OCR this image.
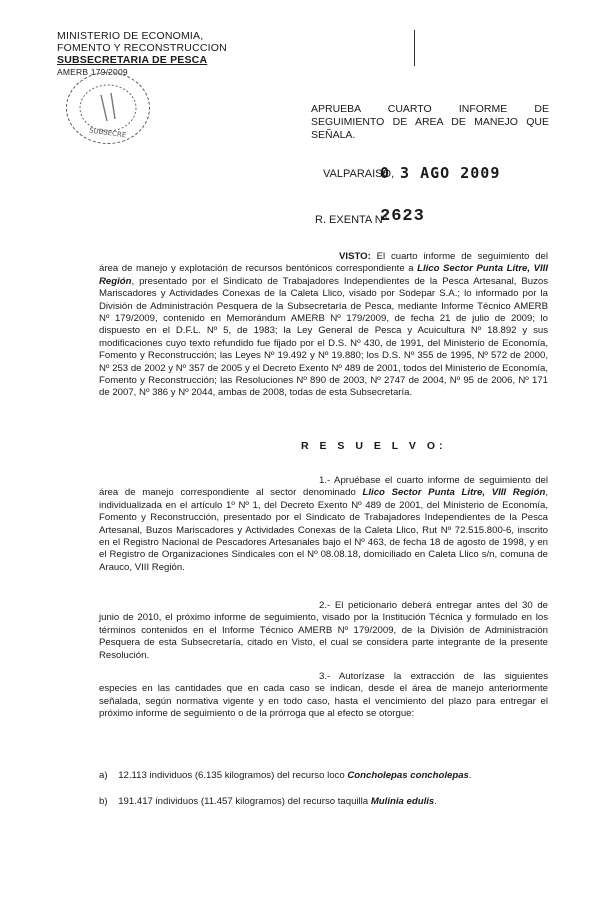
MINISTERIO DE ECONOMIA,
FOMENTO Y RECONSTRUCCION
SUBSECRETARIA DE PESCA
AMERB 179/2009
SUBSECRE
APRUEBA CUARTO INFORME DE
SEGUIMIENTO DE AREA DE MANEJO QUE
SEÑALA.
VALPARAISO,
0 3 AGO 2009
R. EXENTA Nº
2623

VISTO: El cuarto informe de seguimiento del área de manejo y explotación de recursos bentónicos correspondiente a Llico Sector Punta Litre, VIII Región, presentado por el Sindicato de Trabajadores Independientes de la Pesca Artesanal, Buzos Mariscadores y Actividades Conexas de la Caleta Llico, visado por Sodepar S.A.; lo informado por la División de Administración Pesquera de la Subsecretaría de Pesca, mediante Informe Técnico AMERB Nº 179/2009, contenido en Memorándum AMERB Nº 179/2009, de fecha 21 de julio de 2009; lo dispuesto en el D.F.L. Nº 5, de 1983; la Ley General de Pesca y Acuicultura Nº 18.892 y sus modificaciones cuyo texto refundido fue fijado por el D.S. Nº 430, de 1991, del Ministerio de Economía, Fomento y Reconstrucción; las Leyes Nº 19.492 y Nº 19.880; los D.S. Nº 355 de 1995, Nº 572 de 2000, Nº 253 de 2002 y Nº 357 de 2005 y el Decreto Exento Nº 489 de 2001, todos del Ministerio de Economía, Fomento y Reconstrucción; las Resoluciones Nº 890 de 2003, Nº 2747 de 2004, Nº 95 de 2006, Nº 171 de 2007, Nº 386 y Nº 2044, ambas de 2008, todas de esta Subsecretaría.

R E S U E L V O:

1.- Apruébase el cuarto informe de seguimiento del área de manejo correspondiente al sector denominado Llico Sector Punta Litre, VIII Región, individualizada en el artículo 1º Nº 1, del Decreto Exento Nº 489 de 2001, del Ministerio de Economía, Fomento y Reconstrucción, presentado por el Sindicato de Trabajadores Independientes de la Pesca Artesanal, Buzos Mariscadores y Actividades Conexas de la Caleta Llico, Rut Nº 72.515.800-6, inscrito en el Registro Nacional de Pescadores Artesanales bajo el Nº 463, de fecha 18 de agosto de 1998, y en el Registro de Organizaciones Sindicales con el Nº 08.08.18, domiciliado en Caleta Llico s/n, comuna de Arauco, VIII Región.

2.- El peticionario deberá entregar antes del 30 de junio de 2010, el próximo informe de seguimiento, visado por la Institución Técnica y formulado en los términos contenidos en el Informe Técnico AMERB Nº 179/2009, de la División de Administración Pesquera de esta Subsecretaría, citado en Visto, el cual se considera parte integrante de la presente Resolución.

3.- Autorízase la extracción de las siguientes especies en las cantidades que en cada caso se indican, desde el área de manejo anteriormente señalada, según normativa vigente y en todo caso, hasta el vencimiento del plazo para entregar el próximo informe de seguimiento o de la prórroga que al efecto se otorgue:

a) 12.113 individuos (6.135 kilogramos) del recurso loco Concholepas concholepas.
b) 191.417 individuos (11.457 kilogramos) del recurso taquilla Mulinia edulis.
